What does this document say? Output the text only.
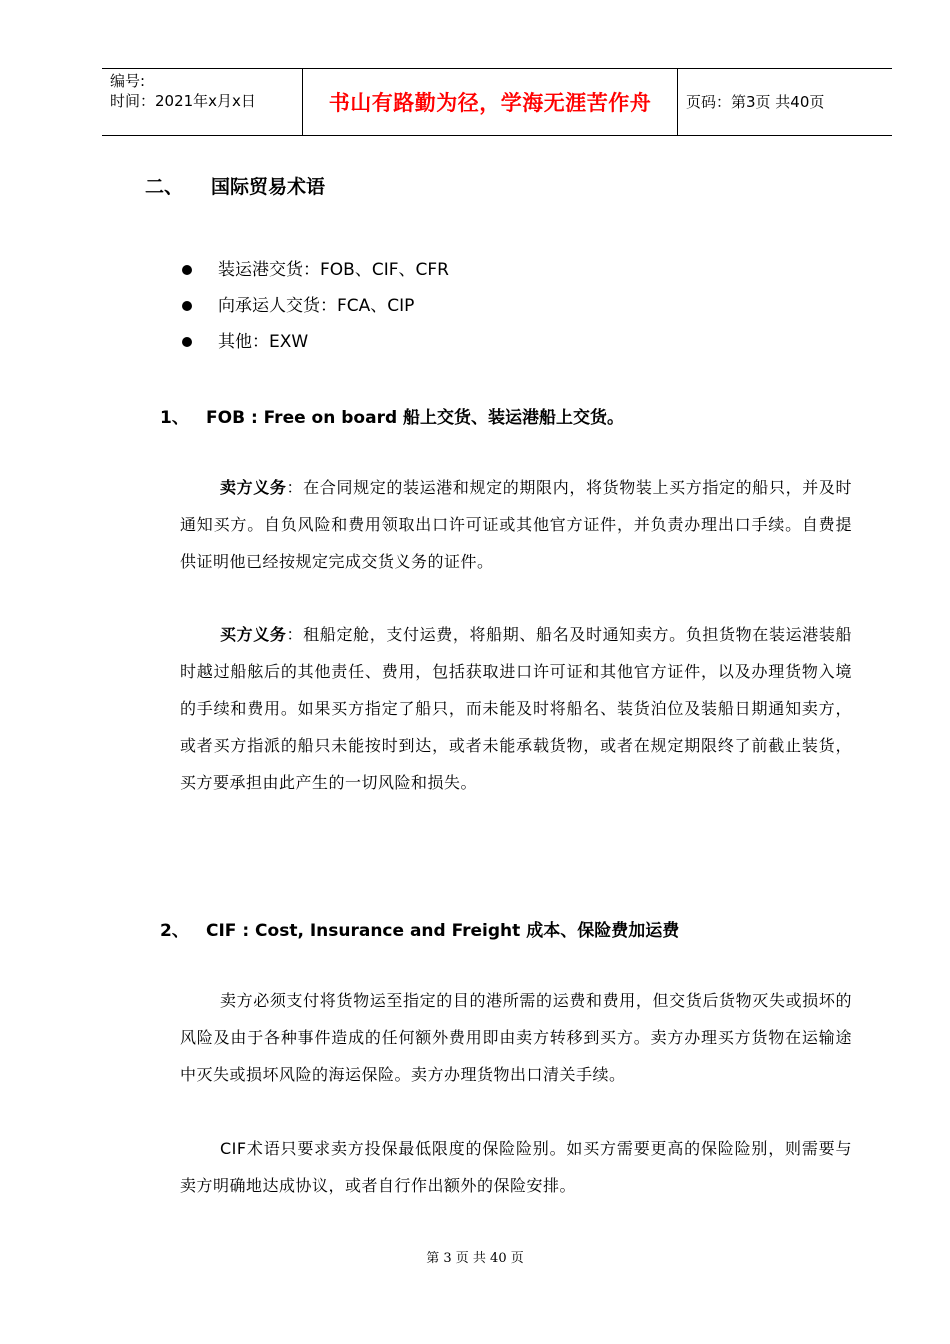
编号:
时间：2021年x月x日	书山有路勤为径，学海无涯苦作舟 页码：第3页 共40页
二、 国际贸易术语
装运港交货：FOB、CIF、CFR
向承运人交货：FCA、CIP
其他：EXW
1、 FOB : Free on board 船上交货、装运港船上交货。

卖方义务：在合同规定的装运港和规定的期限内，将货物装上买方指定的船只，并及时通知买方。自负风险和费用领取出口许可证或其他官方证件，并负责办理出口手续。自费提供证明他已经按规定完成交货义务的证件。

买方义务：租船定舱，支付运费，将船期、船名及时通知卖方。负担货物在装运港装船时越过船舷后的其他责任、费用，包括获取进口许可证和其他官方证件，以及办理货物入境的手续和费用。如果买方指定了船只，而未能及时将船名、装货泊位及装船日期通知卖方，或者买方指派的船只未能按时到达，或者未能承载货物，或者在规定期限终了前截止装货，买方要承担由此产生的一切风险和损失。

2、 CIF : Cost, Insurance and Freight 成本、保险费加运费

卖方必须支付将货物运至指定的目的港所需的运费和费用，但交货后货物灭失或损坏的风险及由于各种事件造成的任何额外费用即由卖方转移到买方。卖方办理买方货物在运输途中灭失或损坏风险的海运保险。卖方办理货物出口清关手续。

CIF术语只要求卖方投保最低限度的保险险别。如买方需要更高的保险险别，则需要与卖方明确地达成协议，或者自行作出额外的保险安排。

第 3 页 共 40 页
